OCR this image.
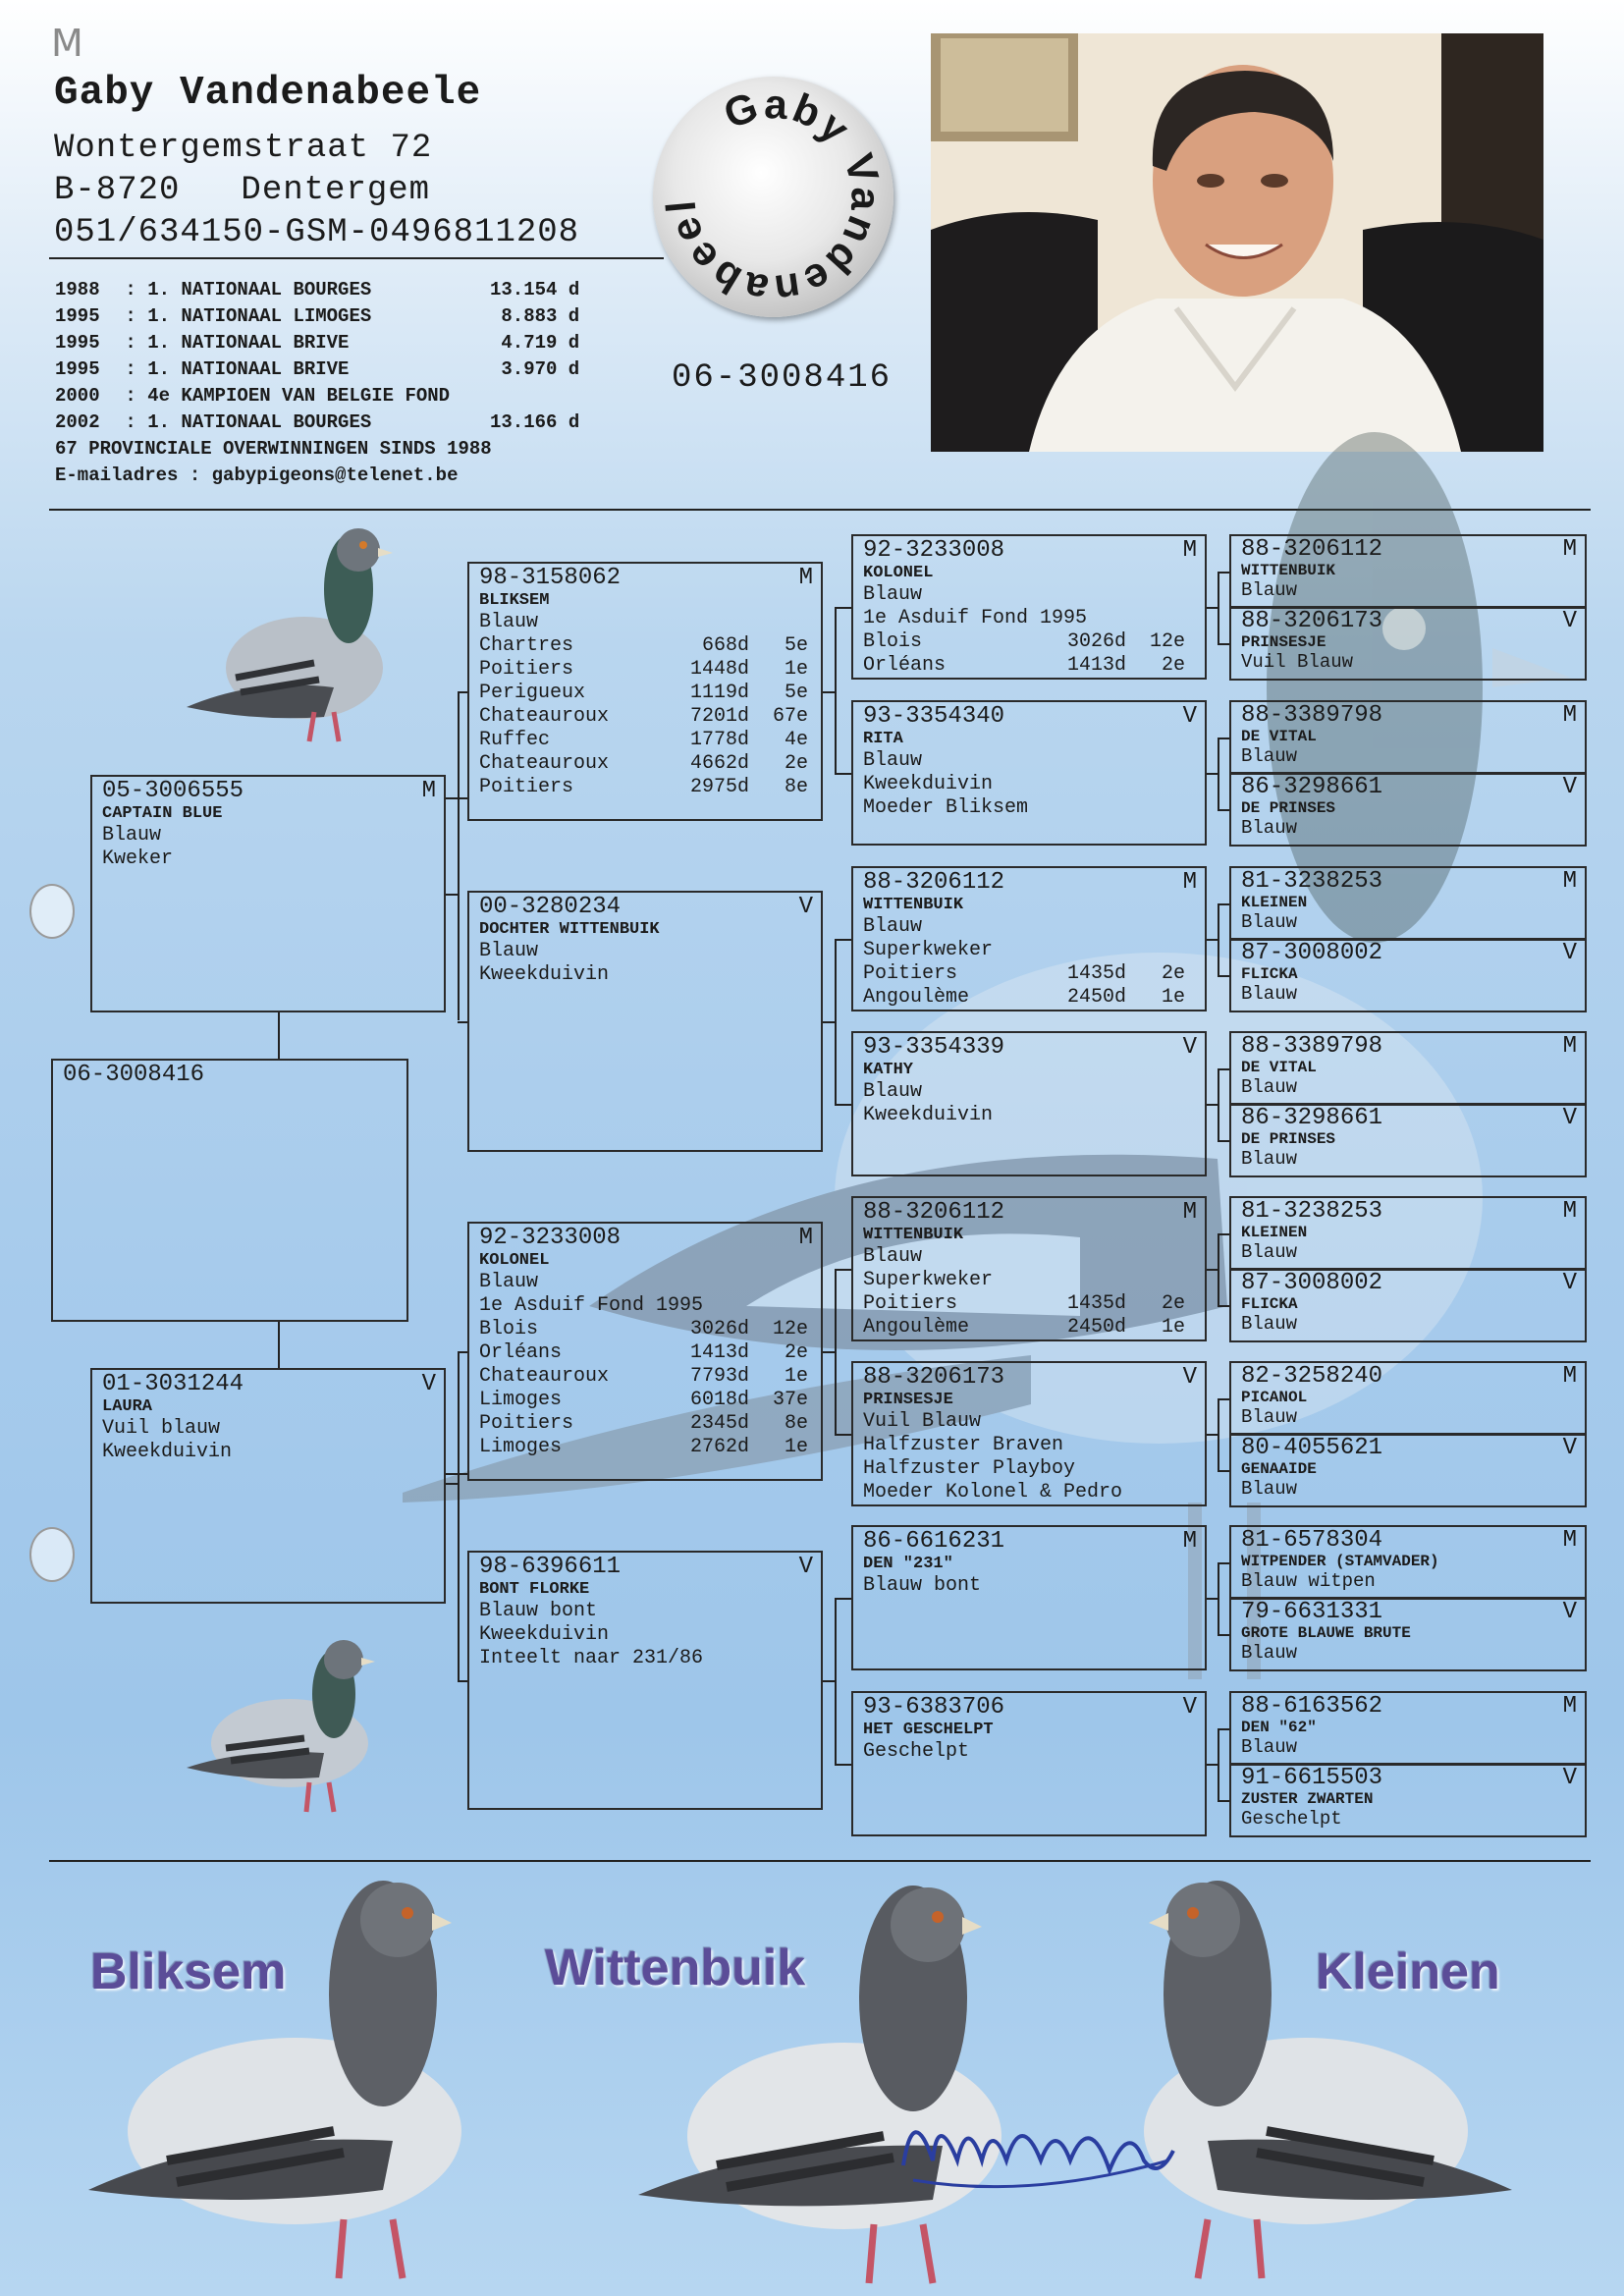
M
Gaby Vandenabeele
Wontergemstraat 72
B-8720 Dentergem
051/634150-GSM-0496811208
1988 : 1. NATIONAAL BOURGES	13.154 d
1995 : 1. NATIONAAL LIMOGES	8.883 d
1995 : 1. NATIONAAL BRIVE	4.719 d
1995 : 1. NATIONAAL BRIVE	3.970 d
2000 : 4e KAMPIOEN VAN BELGIE FOND
2002 : 1. NATIONAAL BOURGES	13.166 d
67 PROVINCIALE OVERWINNINGEN SINDS 1988
E-mailadres : gabypigeons@telenet.be
Gaby Vandenabeel
06-3008416
06-3008416
05-3006555	M
CAPTAIN BLUE
Blauw
Kweker
01-3031244	V
LAURA
Vuil blauw
Kweekduivin
98-3158062	M
BLIKSEM
Blauw
Chartres	668d	5e
Poitiers	1448d	1e
Perigueux	1119d	5e
Chateauroux	7201d	67e
Ruffec	1778d	4e
Chateauroux	4662d	2e
Poitiers	2975d	8e
00-3280234	V
DOCHTER WITTENBUIK
Blauw
Kweekduivin
92-3233008	M
KOLONEL
Blauw
1e Asduif Fond 1995
Blois	3026d	12e
Orléans	1413d	2e
Chateauroux	7793d	1e
Limoges	6018d	37e
Poitiers	2345d	8e
Limoges	2762d	1e
98-6396611	V
BONT FLORKE
Blauw bont
Kweekduivin
Inteelt naar 231/86
92-3233008	M
KOLONEL
Blauw
1e Asduif Fond 1995
Blois	3026d	12e
Orléans	1413d	2e
93-3354340	V
RITA
Blauw
Kweekduivin
Moeder Bliksem
88-3206112	M
WITTENBUIK
Blauw
Superkweker
Poitiers	1435d	2e
Angoulème	2450d	1e
93-3354339	V
KATHY
Blauw
Kweekduivin
88-3206112	M
WITTENBUIK
Blauw
Superkweker
Poitiers	1435d	2e
Angoulème	2450d	1e
88-3206173	V
PRINSESJE
Vuil Blauw
Halfzuster Braven
Halfzuster Playboy
Moeder Kolonel & Pedro
86-6616231	M
DEN "231"
Blauw bont
93-6383706	V
HET GESCHELPT
Geschelpt
88-3206112	M
WITTENBUIK
Blauw
88-3206173	V
PRINSESJE
Vuil Blauw
88-3389798	M
DE VITAL
Blauw
86-3298661	V
DE PRINSES
Blauw
81-3238253	M
KLEINEN
Blauw
87-3008002	V
FLICKA
Blauw
88-3389798	M
DE VITAL
Blauw
86-3298661	V
DE PRINSES
Blauw
81-3238253	M
KLEINEN
Blauw
87-3008002	V
FLICKA
Blauw
82-3258240	M
PICANOL
Blauw
80-4055621	V
GENAAIDE
Blauw
81-6578304	M
WITPENDER (STAMVADER)
Blauw witpen
79-6631331	V
GROTE BLAUWE BRUTE
Blauw
88-6163562	M
DEN "62"
Blauw
91-6615503	V
ZUSTER ZWARTEN
Geschelpt
Vandenabeele
Bliksem	Wittenbuik	Kleinen
